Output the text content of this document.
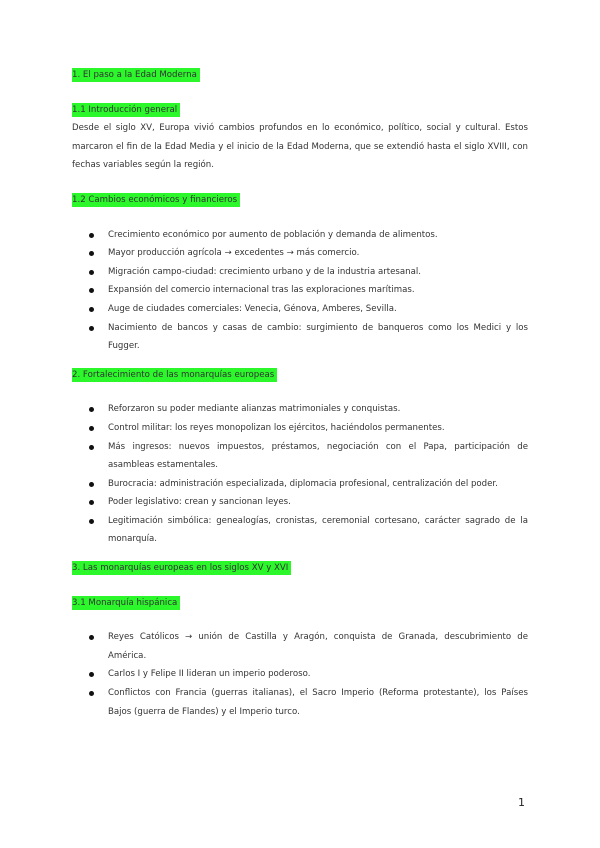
1. El paso a la Edad Moderna
1.1 Introducción general

Desde el siglo XV, Europa vivió cambios profundos en lo económico, político, social y cultural. Estos marcaron el fin de la Edad Media y el inicio de la Edad Moderna, que se extendió hasta el siglo XVIII, con fechas variables según la región.

1.2 Cambios económicos y financieros
Crecimiento económico por aumento de población y demanda de alimentos.
Mayor producción agrícola → excedentes → más comercio.
Migración campo-ciudad: crecimiento urbano y de la industria artesanal.
Expansión del comercio internacional tras las exploraciones marítimas.
Auge de ciudades comerciales: Venecia, Génova, Amberes, Sevilla.
Nacimiento de bancos y casas de cambio: surgimiento de banqueros como los Medici y los Fugger.
2. Fortalecimiento de las monarquías europeas
Reforzaron su poder mediante alianzas matrimoniales y conquistas.
Control militar: los reyes monopolizan los ejércitos, haciéndolos permanentes.
Más ingresos: nuevos impuestos, préstamos, negociación con el Papa, participación de asambleas estamentales.
Burocracia: administración especializada, diplomacia profesional, centralización del poder.
Poder legislativo: crean y sancionan leyes.
Legitimación simbólica: genealogías, cronistas, ceremonial cortesano, carácter sagrado de la monarquía.
3. Las monarquías europeas en los siglos XV y XVI
3.1 Monarquía hispánica
Reyes Católicos → unión de Castilla y Aragón, conquista de Granada, descubrimiento de América.
Carlos I y Felipe II lideran un imperio poderoso.
Conflictos con Francia (guerras italianas), el Sacro Imperio (Reforma protestante), los Países Bajos (guerra de Flandes) y el Imperio turco.
1
